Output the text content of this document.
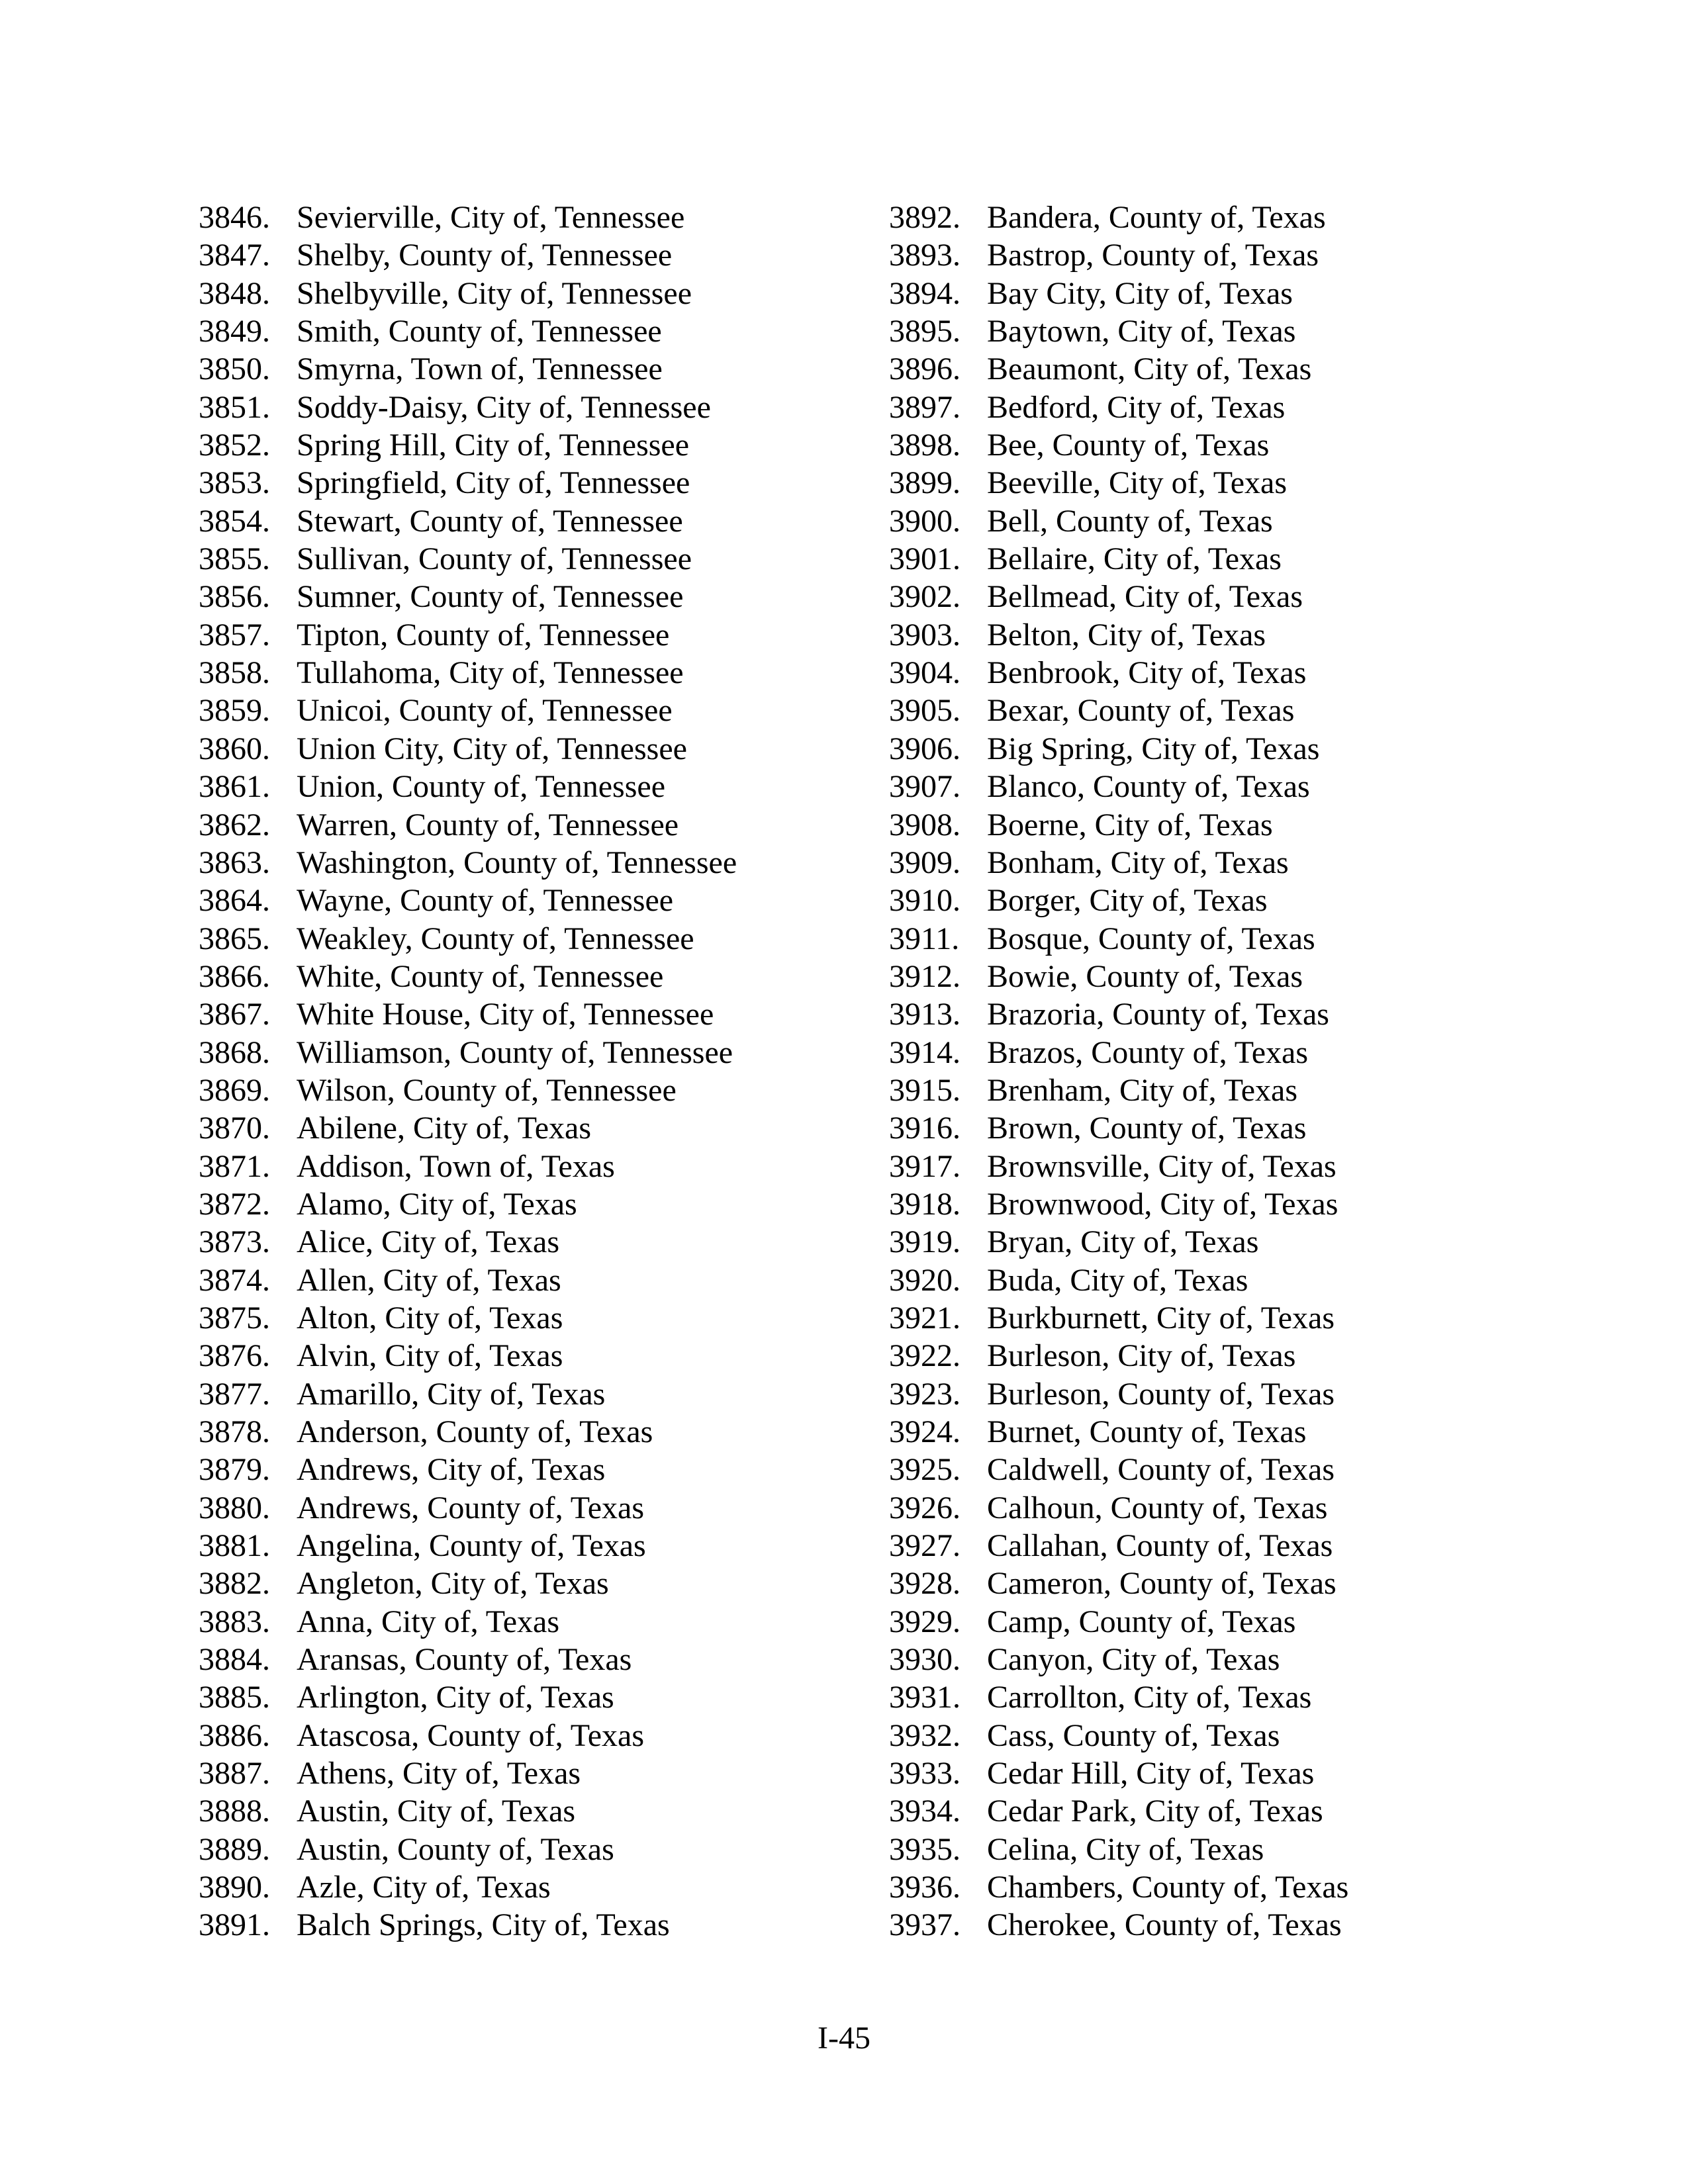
3846. Sevierville, City of, Tennessee
3847. Shelby, County of, Tennessee
3848. Shelbyville, City of, Tennessee
3849. Smith, County of, Tennessee
3850. Smyrna, Town of, Tennessee
3851. Soddy-Daisy, City of, Tennessee
3852. Spring Hill, City of, Tennessee
3853. Springfield, City of, Tennessee
3854. Stewart, County of, Tennessee
3855. Sullivan, County of, Tennessee
3856. Sumner, County of, Tennessee
3857. Tipton, County of, Tennessee
3858. Tullahoma, City of, Tennessee
3859. Unicoi, County of, Tennessee
3860. Union City, City of, Tennessee
3861. Union, County of, Tennessee
3862. Warren, County of, Tennessee
3863. Washington, County of, Tennessee
3864. Wayne, County of, Tennessee
3865. Weakley, County of, Tennessee
3866. White, County of, Tennessee
3867. White House, City of, Tennessee
3868. Williamson, County of, Tennessee
3869. Wilson, County of, Tennessee
3870. Abilene, City of, Texas
3871. Addison, Town of, Texas
3872. Alamo, City of, Texas
3873. Alice, City of, Texas
3874. Allen, City of, Texas
3875. Alton, City of, Texas
3876. Alvin, City of, Texas
3877. Amarillo, City of, Texas
3878. Anderson, County of, Texas
3879. Andrews, City of, Texas
3880. Andrews, County of, Texas
3881. Angelina, County of, Texas
3882. Angleton, City of, Texas
3883. Anna, City of, Texas
3884. Aransas, County of, Texas
3885. Arlington, City of, Texas
3886. Atascosa, County of, Texas
3887. Athens, City of, Texas
3888. Austin, City of, Texas
3889. Austin, County of, Texas
3890. Azle, City of, Texas
3891. Balch Springs, City of, Texas
3892. Bandera, County of, Texas
3893. Bastrop, County of, Texas
3894. Bay City, City of, Texas
3895. Baytown, City of, Texas
3896. Beaumont, City of, Texas
3897. Bedford, City of, Texas
3898. Bee, County of, Texas
3899. Beeville, City of, Texas
3900. Bell, County of, Texas
3901. Bellaire, City of, Texas
3902. Bellmead, City of, Texas
3903. Belton, City of, Texas
3904. Benbrook, City of, Texas
3905. Bexar, County of, Texas
3906. Big Spring, City of, Texas
3907. Blanco, County of, Texas
3908. Boerne, City of, Texas
3909. Bonham, City of, Texas
3910. Borger, City of, Texas
3911. Bosque, County of, Texas
3912. Bowie, County of, Texas
3913. Brazoria, County of, Texas
3914. Brazos, County of, Texas
3915. Brenham, City of, Texas
3916. Brown, County of, Texas
3917. Brownsville, City of, Texas
3918. Brownwood, City of, Texas
3919. Bryan, City of, Texas
3920. Buda, City of, Texas
3921. Burkburnett, City of, Texas
3922. Burleson, City of, Texas
3923. Burleson, County of, Texas
3924. Burnet, County of, Texas
3925. Caldwell, County of, Texas
3926. Calhoun, County of, Texas
3927. Callahan, County of, Texas
3928. Cameron, County of, Texas
3929. Camp, County of, Texas
3930. Canyon, City of, Texas
3931. Carrollton, City of, Texas
3932. Cass, County of, Texas
3933. Cedar Hill, City of, Texas
3934. Cedar Park, City of, Texas
3935. Celina, City of, Texas
3936. Chambers, County of, Texas
3937. Cherokee, County of, Texas
I-45
